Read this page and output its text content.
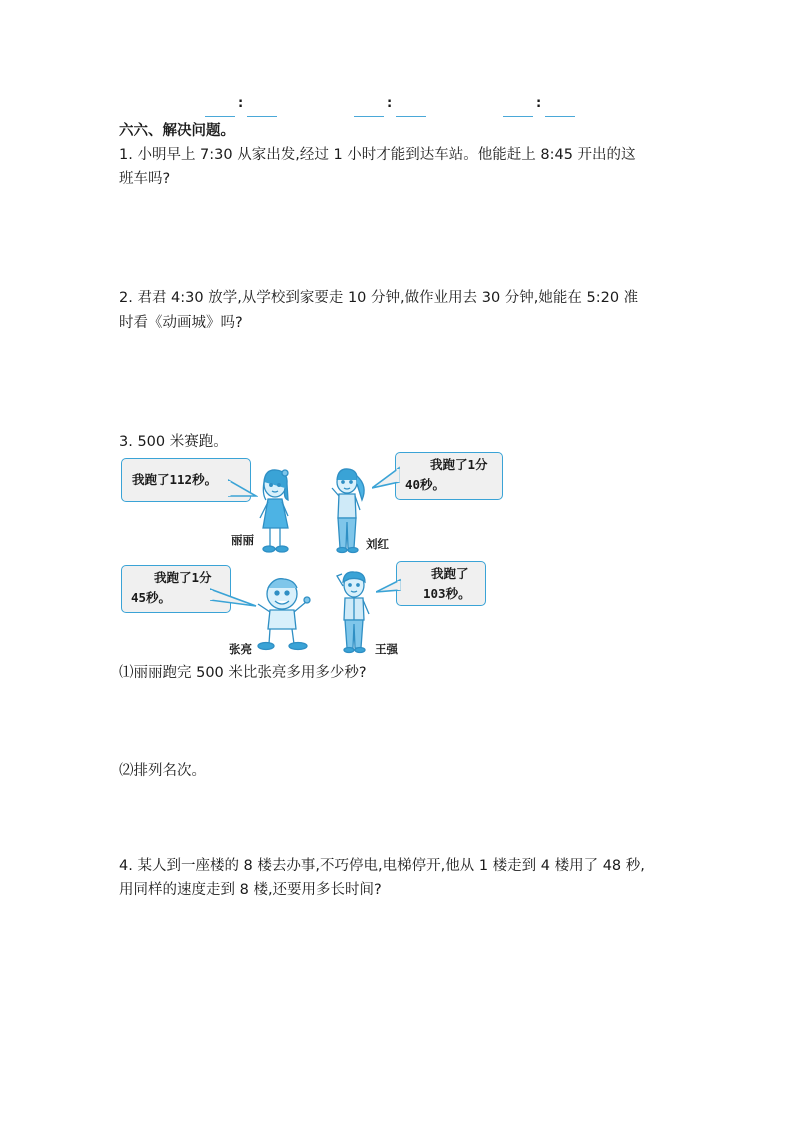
:	:	:
六六、解决问题。
1. 小明早上 7:30 从家出发,经过 1 小时才能到达车站。他能赶上 8:45 开出的这
班车吗?
2. 君君 4:30 放学,从学校到家要走 10 分钟,做作业用去 30 分钟,她能在 5:20 准
时看《动画城》吗?
3. 500 米赛跑。
我跑了112秒。
我跑了1分
40秒。
我跑了1分
45秒。
我跑了
103秒。
丽丽	刘红
张亮	王强
⑴丽丽跑完 500 米比张亮多用多少秒?
⑵排列名次。
4. 某人到一座楼的 8 楼去办事,不巧停电,电梯停开,他从 1 楼走到 4 楼用了 48 秒,
用同样的速度走到 8 楼,还要用多长时间?
